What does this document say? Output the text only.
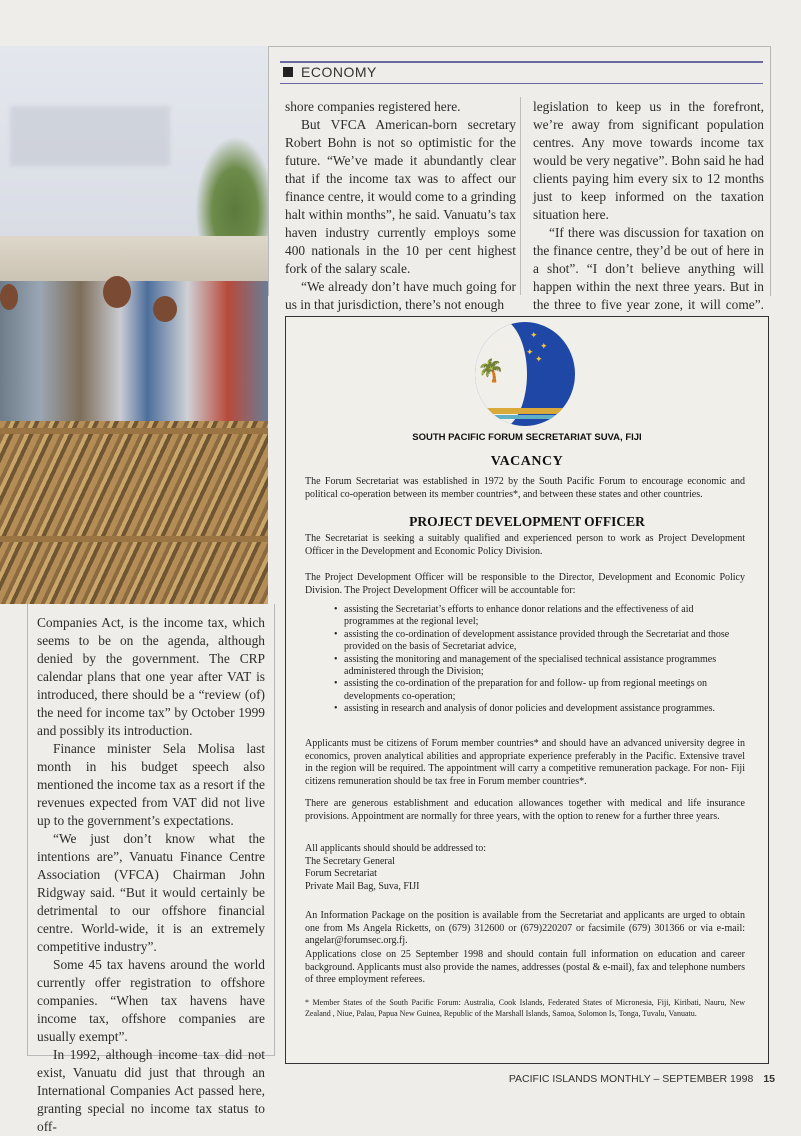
ECONOMY

shore companies registered here.

But VFCA American-born secretary Robert Bohn is not so optimistic for the future. “We’ve made it abundantly clear that if the income tax was to affect our finance centre, it would come to a grinding halt within months”, he said. Vanuatu’s tax haven industry currently employs some 400 nationals in the 10 per cent highest fork of the salary scale.

“We already don’t have much going for us in that jurisdiction, there’s not enough

legislation to keep us in the forefront, we’re away from significant population centres. Any move towards income tax would be very negative”. Bohn said he had clients paying him every six to 12 months just to keep informed on the taxation situation here.

“If there was discussion for taxation on the finance centre, they’d be out of here in a shot”. “I don’t believe anything will happen within the next three years. But in the three to five year zone, it will come”.

Companies Act, is the income tax, which seems to be on the agenda, although denied by the government. The CRP calendar plans that one year after VAT is introduced, there should be a “review (of) the need for income tax” by October 1999 and possibly its introduction.

Finance minister Sela Molisa last month in his budget speech also mentioned the income tax as a resort if the revenues expected from VAT did not live up to the government’s expectations.

“We just don’t know what the intentions are”, Vanuatu Finance Centre Association (VFCA) Chairman John Ridgway said. “But it would certainly be detrimental to our offshore financial centre. World-wide, it is an extremely competitive industry”.

Some 45 tax havens around the world currently offer registration to offshore companies. “When tax havens have income tax, offshore companies are usually exempt”.

In 1992, although income tax did not exist, Vanuatu did just that through an International Companies Act passed here, granting special no income tax status to off-

🌴
✦
✦
✦
✦
SOUTH PACIFIC FORUM SECRETARIAT SUVA, FIJI
VACANCY

The Forum Secretariat was established in 1972 by the South Pacific Forum to encourage economic and political co-operation between its member countries*, and between these states and other countries.

PROJECT DEVELOPMENT OFFICER

The Secretariat is seeking a suitably qualified and experienced person to work as Project Development Officer in the Development and Economic Policy Division.

The Project Development Officer will be responsible to the Director, Development and Economic Policy Division. The Project Development Officer will be accountable for:

• assisting the Secretariat’s efforts to enhance donor relations and the effectiveness of aid programmes at the regional level;
• assisting the co-ordination of development assistance provided through the Secretariat and those provided on the basis of Secretariat advice,
• assisting the monitoring and management of the specialised technical assistance programmes administered through the Division;
• assisting the co-ordination of the preparation for and follow- up from regional meetings on developments co-operation;
• assisting in research and analysis of donor policies and development assistance programmes.

Applicants must be citizens of Forum member countries* and should have an advanced university degree in economics, proven analytical abilities and appropriate experience preferably in the Pacific. Extensive travel in the region will be required. The appointment will carry a competitive remuneration package. For non- Fiji citizens remuneration should be tax free in Forum member countries*.

There are generous establishment and education allowances together with medical and life insurance provisions. Appointment are normally for three years, with the option to renew for a further three years.

All applicants should should be addressed to:

The Secretary General

Forum Secretariat

Private Mail Bag, Suva, FIJI

An Information Package on the position is available from the Secretariat and applicants are urged to obtain one from Ms Angela Ricketts, on (679) 312600 or (679)220207 or facsimile (679) 301366 or via e-mail: angelar@forumsec.org.fj.

Applications close on 25 September 1998 and should contain full information on education and career background. Applicants must also provide the names, addresses (postal & e-mail), fax and telephone numbers of three employment referees.

* Member States of the South Pacific Forum: Australia, Cook Islands, Federated States of Micronesia, Fiji, Kiribati, Nauru, New Zealand , Niue, Palau, Papua New Guinea, Republic of the Marshall Islands, Samoa, Solomon Is, Tonga, Tuvalu, Vanuatu.

PACIFIC ISLANDS MONTHLY – SEPTEMBER 1998 15
